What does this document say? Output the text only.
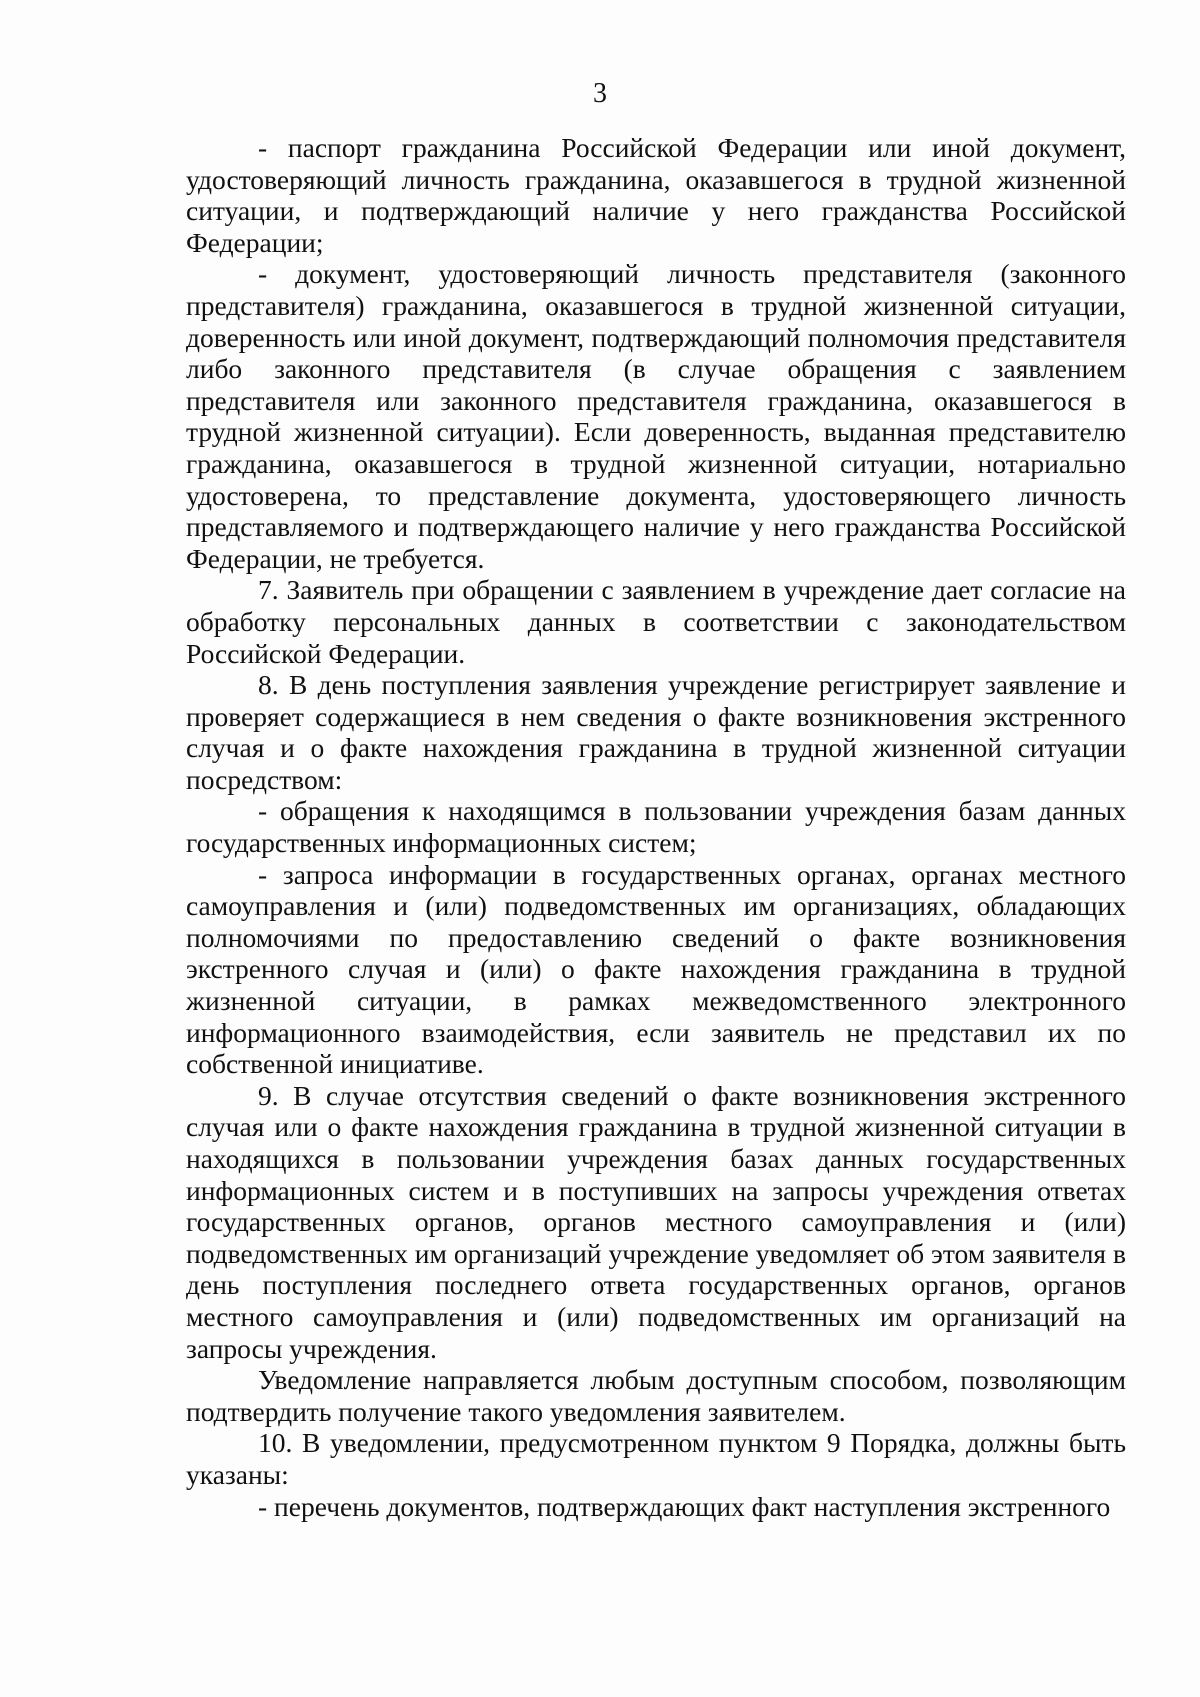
3

- паспорт гражданина Российской Федерации или иной документ, удостоверяющий личность гражданина, оказавшегося в трудной жизненной ситуации, и подтверждающий наличие у него гражданства Российской Федерации;

- документ, удостоверяющий личность представителя (законного представителя) гражданина, оказавшегося в трудной жизненной ситуации, доверенность или иной документ, подтверждающий полномочия представителя либо законного представителя (в случае обращения с заявлением представителя или законного представителя гражданина, оказавшегося в трудной жизненной ситуации). Если доверенность, выданная представителю гражданина, оказавшегося в трудной жизненной ситуации, нотариально удостоверена, то представление документа, удостоверяющего личность представляемого и подтверждающего наличие у него гражданства Российской Федерации, не требуется.

7. Заявитель при обращении с заявлением в учреждение дает согласие на обработку персональных данных в соответствии с законодательством Российской Федерации.

8. В день поступления заявления учреждение регистрирует заявление и проверяет содержащиеся в нем сведения о факте возникновения экстренного случая и о факте нахождения гражданина в трудной жизненной ситуации посредством:

- обращения к находящимся в пользовании учреждения базам данных государственных информационных систем;

- запроса информации в государственных органах, органах местного самоуправления и (или) подведомственных им организациях, обладающих полномочиями по предоставлению сведений о факте возникновения экстренного случая и (или) о факте нахождения гражданина в трудной жизненной ситуации, в рамках межведомственного электронного информационного взаимодействия, если заявитель не представил их по собственной инициативе.

9. В случае отсутствия сведений о факте возникновения экстренного случая или о факте нахождения гражданина в трудной жизненной ситуации в находящихся в пользовании учреждения базах данных государственных информационных систем и в поступивших на запросы учреждения ответах государственных органов, органов местного самоуправления и (или) подведомственных им организаций учреждение уведомляет об этом заявителя в день поступления последнего ответа государственных органов, органов местного самоуправления и (или) подведомственных им организаций на запросы учреждения.

Уведомление направляется любым доступным способом, позволяющим подтвердить получение такого уведомления заявителем.

10. В уведомлении, предусмотренном пунктом 9 Порядка, должны быть указаны:

- перечень документов, подтверждающих факт наступления экстренного
